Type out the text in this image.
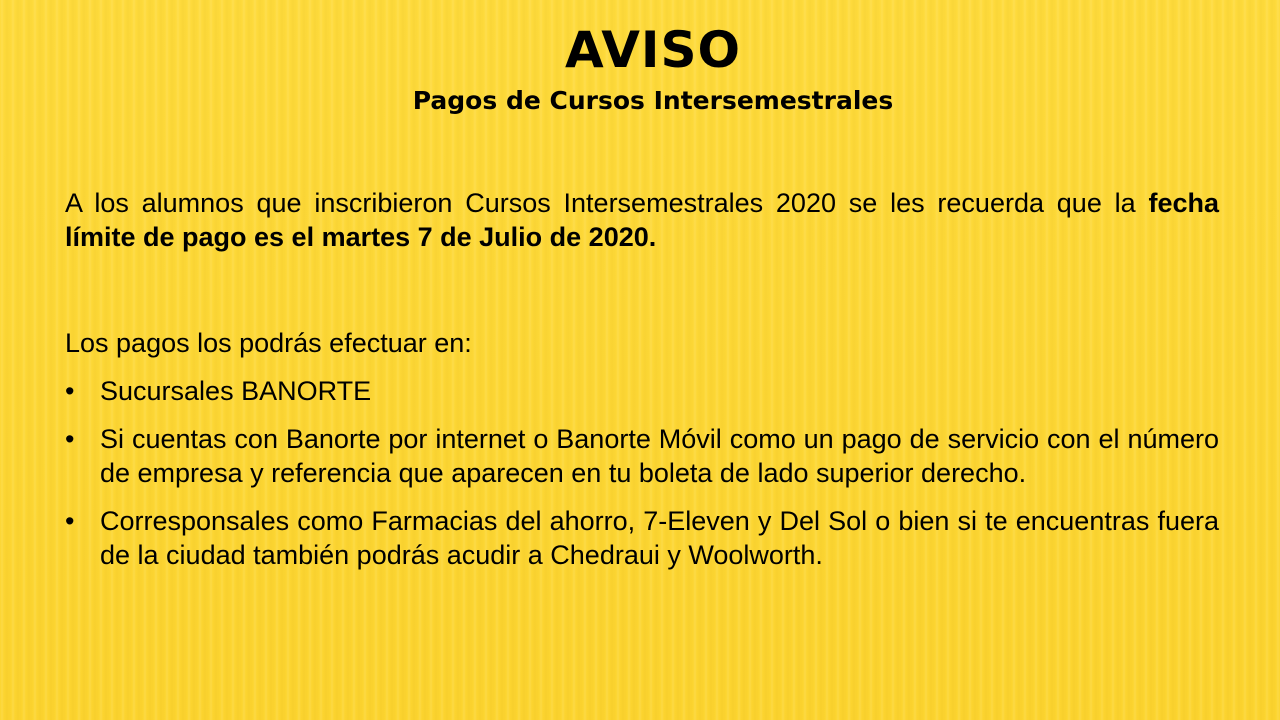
AVISO
Pagos de Cursos Intersemestrales

A los alumnos que inscribieron Cursos Intersemestrales 2020 se les recuerda que la fecha límite de pago es el martes 7 de Julio de 2020.

Los pagos los podrás efectuar en:

• Sucursales BANORTE
• Si cuentas con Banorte por internet o Banorte Móvil como un pago de servicio con el número de empresa y referencia que aparecen en tu boleta de lado superior derecho.
• Corresponsales como Farmacias del ahorro, 7-Eleven y Del Sol o bien si te encuentras fuera de la ciudad también podrás acudir a Chedraui y Woolworth.
